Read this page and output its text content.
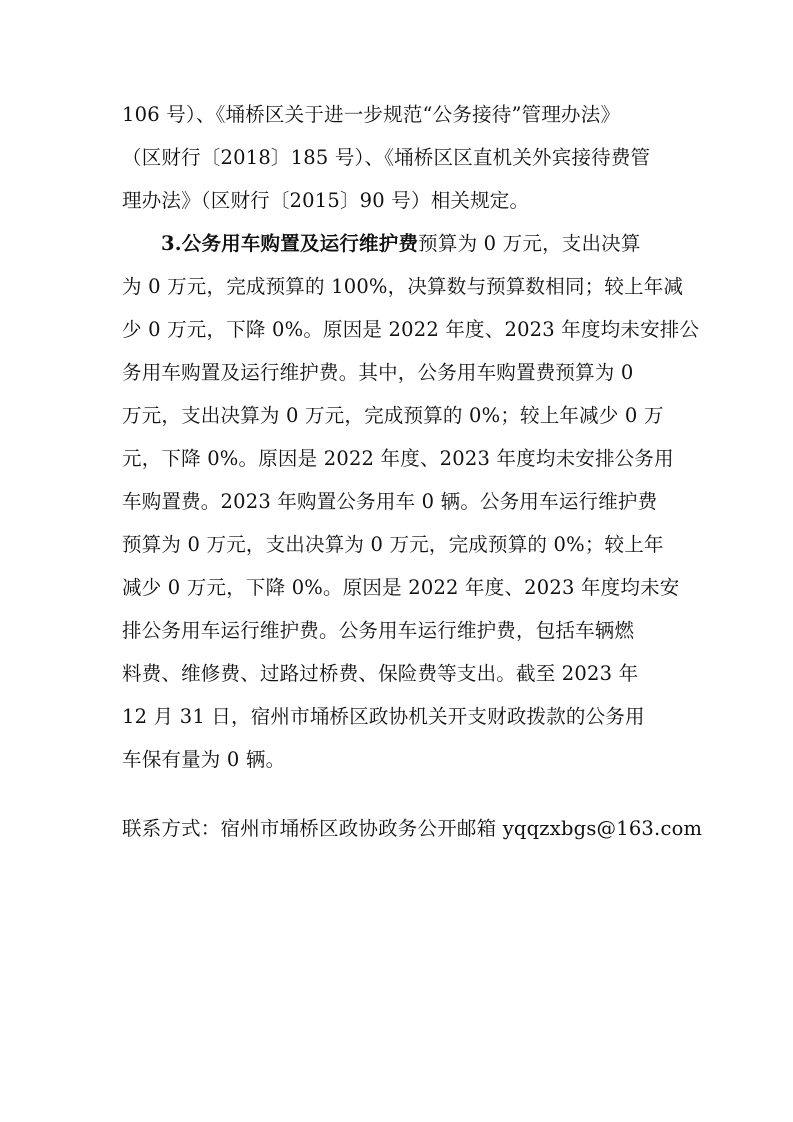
106 号）、《埇桥区关于进一步规范“公务接待”管理办法》
（区财行〔2018〕185 号）、《埇桥区区直机关外宾接待费管
理办法》（区财行〔2015〕90 号）相关规定。
3.公务用车购置及运行维护费预算为 0 万元，支出决算
为 0 万元，完成预算的 100%，决算数与预算数相同；较上年减
少 0 万元，下降 0%。原因是 2022 年度、2023 年度均未安排公
务用车购置及运行维护费。其中，公务用车购置费预算为 0
万元，支出决算为 0 万元，完成预算的 0%；较上年减少 0 万
元，下降 0%。原因是 2022 年度、2023 年度均未安排公务用
车购置费。2023 年购置公务用车 0 辆。公务用车运行维护费
预算为 0 万元，支出决算为 0 万元，完成预算的 0%；较上年
减少 0 万元，下降 0%。原因是 2022 年度、2023 年度均未安
排公务用车运行维护费。公务用车运行维护费，包括车辆燃
料费、维修费、过路过桥费、保险费等支出。截至 2023 年
12 月 31 日，宿州市埇桥区政协机关开支财政拨款的公务用
车保有量为 0 辆。
联系方式：宿州市埇桥区政协政务公开邮箱 yqqzxbgs@163.com
